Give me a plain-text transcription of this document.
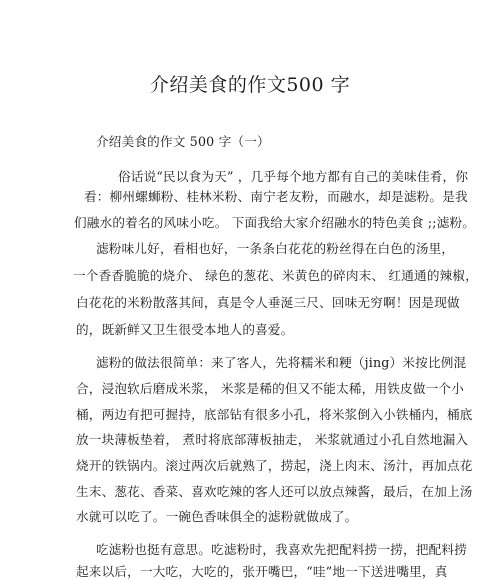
介绍美食的作文500 字
介绍美食的作文 500 字（一）
俗话说“民以食为天” ，几乎每个地方都有自己的美味佳肴，你
看：柳州螺蛳粉、桂林米粉、南宁老友粉，而融水，却是滤粉。是我
们融水的着名的风味小吃。 下面我给大家介绍融水的特色美食 ;;滤粉。
滤粉味儿好，看相也好，一条条白花花的粉丝得在白色的汤里，
一个香香脆脆的烧介、 绿色的葱花、米黄色的碎肉末、 红通通的辣椒，
白花花的米粉散落其间，真是令人垂涎三尺、回味无穷啊！因是现做
的，既新鲜又卫生很受本地人的喜爱。
滤粉的做法很简单：来了客人，先将糯米和粳（jing）米按比例混
合，浸泡软后磨成米浆， 米浆是稀的但又不能太稀，用铁皮做一个小
桶，两边有把可握持，底部钻有很多小孔，将米浆倒入小铁桶内，桶底
放一块薄板垫着， 煮时将底部薄板抽走， 米浆就通过小孔自然地漏入
烧开的铁锅内。滚过两次后就熟了，捞起，浇上肉末、汤汁，再加点花
生末、葱花、香菜、喜欢吃辣的客人还可以放点辣酱，最后，在加上汤
水就可以吃了。一碗色香味俱全的滤粉就做成了。
吃滤粉也挺有意思。吃滤粉时，我喜欢先把配料捞一捞，把配料捞
起来以后，一大吃，大吃的，张开嘴巴，“哇”地一下送进嘴里，真
